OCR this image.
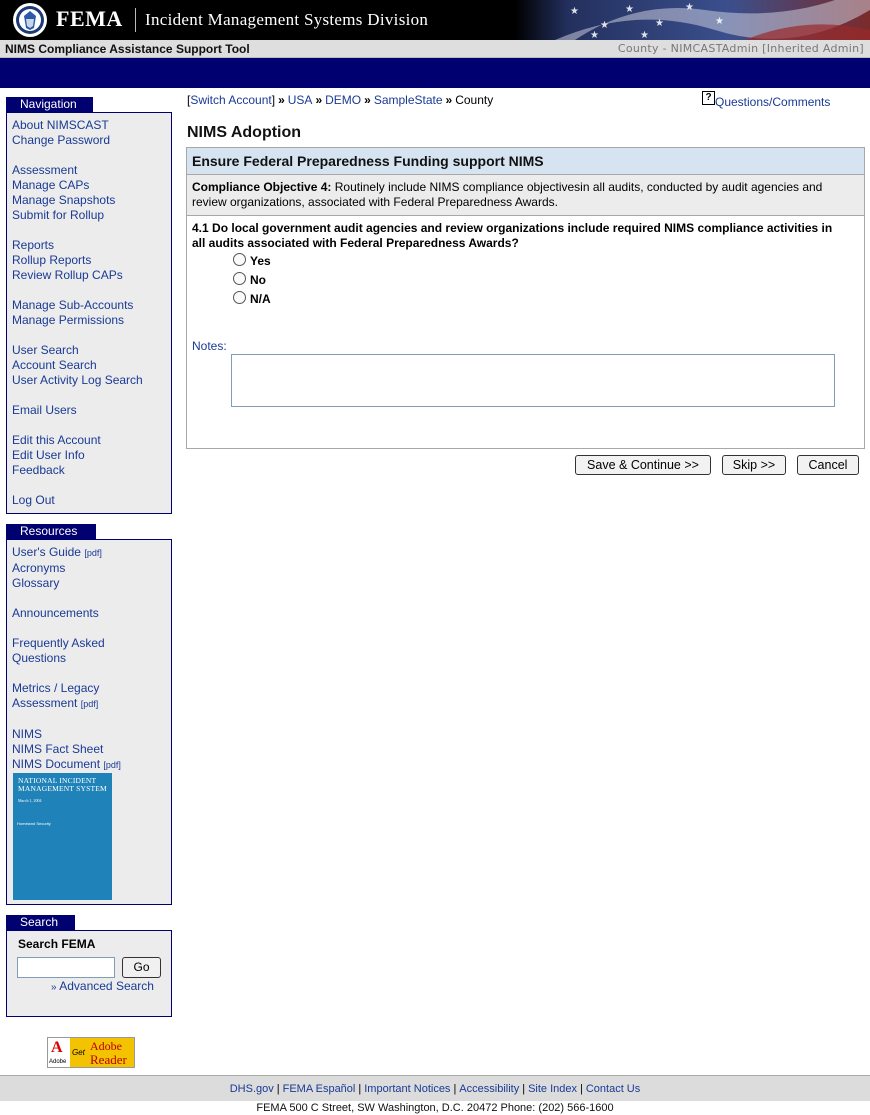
FEMA Incident Management Systems Division	★
★
★
★
★
★
★	★
NIMS Compliance Assistance Support Tool	County - NIMCASTAdmin [Inherited Admin]
Navigation
About NIMSCAST
Change Password
Assessment
Manage CAPs
Manage Snapshots
Submit for Rollup
Reports
Rollup Reports
Review Rollup CAPs
Manage Sub-Accounts
Manage Permissions
User Search
Account Search
User Activity Log Search
Email Users
Edit this Account
Edit User Info
Feedback
Log Out
Resources
User's Guide [pdf]
Acronyms
Glossary
Announcements
Frequently Asked
Questions
Metrics / Legacy
Assessment [pdf]
NIMS
NIMS Fact Sheet
NIMS Document [pdf]
NATIONAL INCIDENT MANAGEMENT SYSTEM
March 1, 2004
Homeland Security
Search
Search FEMA
Go
» Advanced Search
[Switch Account] » USA » DEMO » SampleState » County	? Questions/Comments
NIMS Adoption
Ensure Federal Preparedness Funding support NIMS
Compliance Objective 4: Routinely include NIMS compliance objectivesin all audits, conducted by audit agencies and review organizations, associated with Federal Preparedness Awards.
4.1 Do local government audit agencies and review organizations include required NIMS compliance activities in all audits associated with Federal Preparedness Awards?
Yes
No
N/A
Notes:
Save & Continue >>	Skip >>	Cancel
A
Adobe
Get Adobe
Reader
DHS.gov | FEMA Español | Important Notices | Accessibility | Site Index | Contact Us
FEMA 500 C Street, SW Washington, D.C. 20472 Phone: (202) 566-1600
